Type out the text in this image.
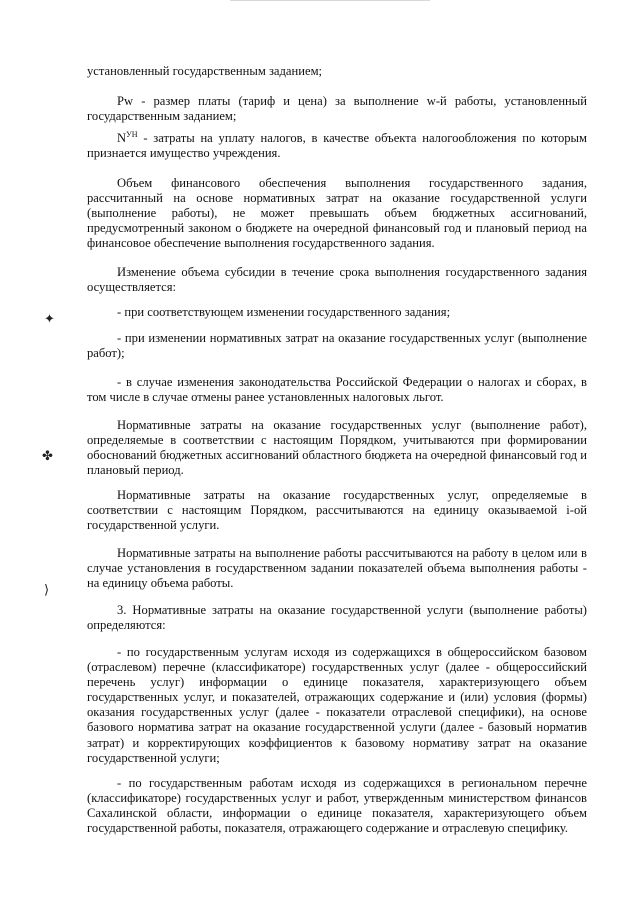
установленный государственным заданием;

Pw - размер платы (тариф и цена) за выполнение w-й работы, установленный государственным заданием;

$N^{УН}$ - затраты на уплату налогов, в качестве объекта налогообложения по которым признается имущество учреждения.

Объем финансового обеспечения выполнения государственного задания, рассчитанный на основе нормативных затрат на оказание государственной услуги (выполнение работы), не может превышать объем бюджетных ассигнований, предусмотренный законом о бюджете на очередной финансовый год и плановый период на финансовое обеспечение выполнения государственного задания.

Изменение объема субсидии в течение срока выполнения государственного задания осуществляется:

- при соответствующем изменении государственного задания;

- при изменении нормативных затрат на оказание государственных услуг (выполнение работ);

- в случае изменения законодательства Российской Федерации о налогах и сборах, в том числе в случае отмены ранее установленных налоговых льгот.

Нормативные затраты на оказание государственных услуг (выполнение работ), определяемые в соответствии с настоящим Порядком, учитываются при формировании обоснований бюджетных ассигнований областного бюджета на очередной финансовый год и плановый период.

Нормативные затраты на оказание государственных услуг, определяемые в соответствии с настоящим Порядком, рассчитываются на единицу оказываемой i-ой государственной услуги.

Нормативные затраты на выполнение работы рассчитываются на работу в целом или в случае установления в государственном задании показателей объема выполнения работы - на единицу объема работы.

3. Нормативные затраты на оказание государственной услуги (выполнение работы) определяются:

- по государственным услугам исходя из содержащихся в общероссийском базовом (отраслевом) перечне (классификаторе) государственных услуг (далее - общероссийский перечень услуг) информации о единице показателя, характеризующего объем государственных услуг, и показателей, отражающих содержание и (или) условия (формы) оказания государственных услуг (далее - показатели отраслевой специфики), на основе базового норматива затрат на оказание государственной услуги (далее - базовый норматив затрат) и корректирующих коэффициентов к базовому нормативу затрат на оказание государственной услуги;

- по государственным работам исходя из содержащихся в региональном перечне (классификаторе) государственных услуг и работ, утвержденным министерством финансов Сахалинской области, информации о единице показателя, характеризующего объем государственной работы, показателя, отражающего содержание и отраслевую специфику.

✦
✤
⟩
